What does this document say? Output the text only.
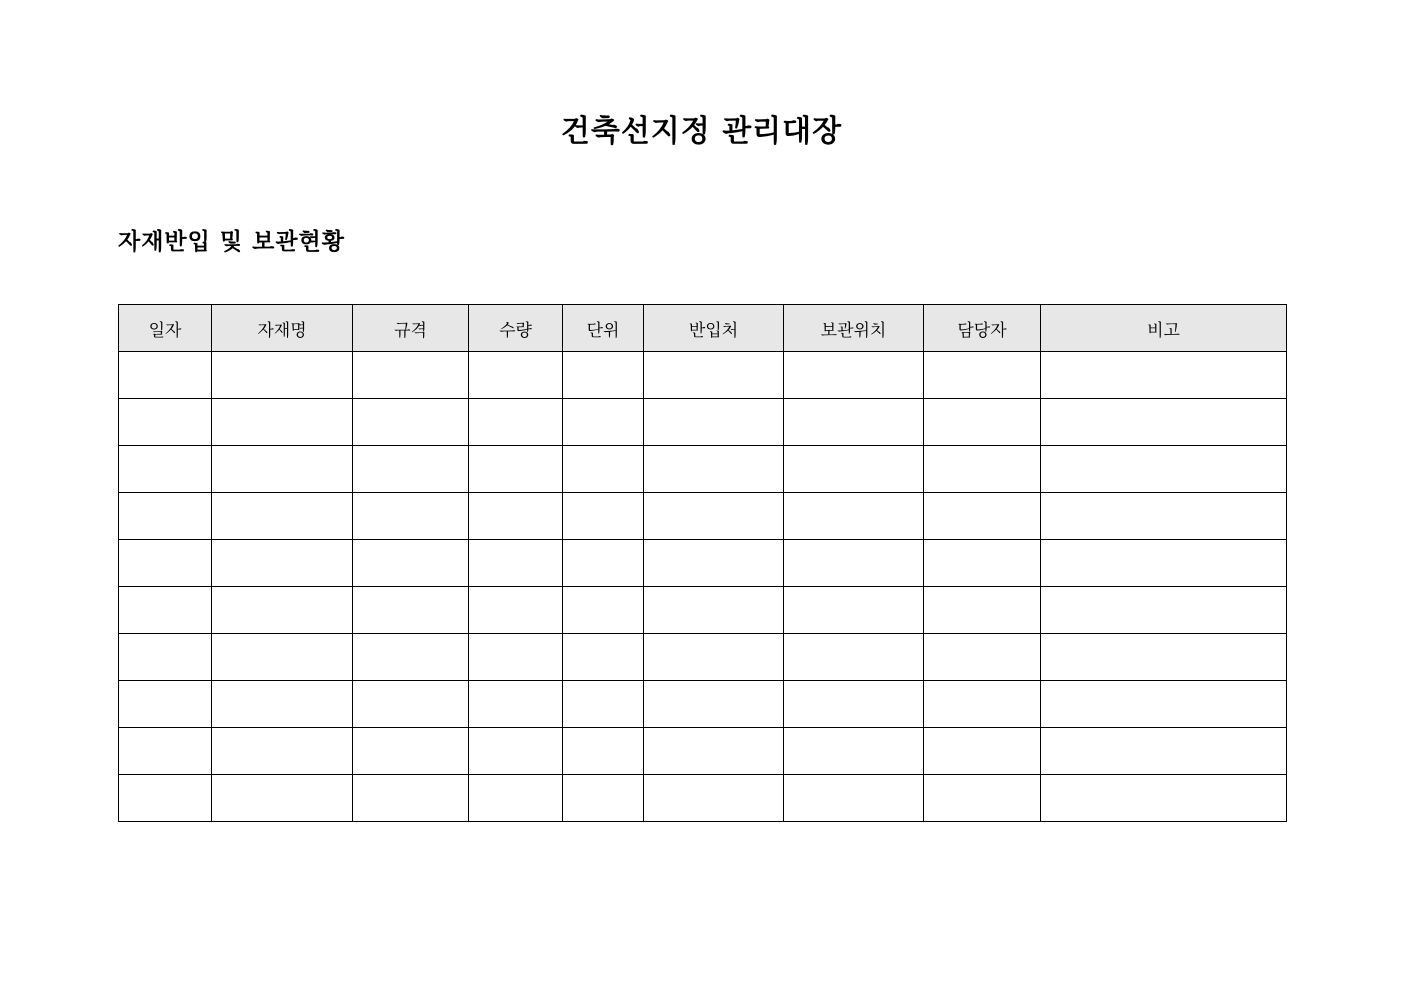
건축선지정 관리대장
자재반입 및 보관현황
일자	자재명	규격	수량	단위	반입처	보관위치	담당자	비고
